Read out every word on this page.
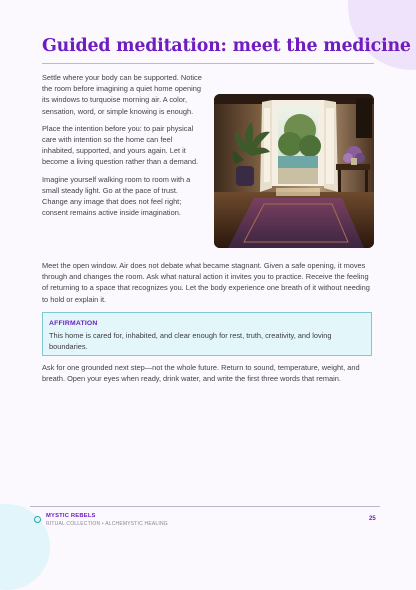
Guided meditation: meet the medicine

Settle where your body can be supported. Notice the room before imagining a quiet home opening its windows to turquoise morning air. A color, sensation, word, or simple knowing is enough.

Place the intention before you: to pair physical care with intention so the home can feel inhabited, supported, and yours again. Let it become a living question rather than a demand.

Imagine yourself walking room to room with a small steady light. Go at the pace of trust. Change any image that does not feel right; consent remains active inside imagination.

Meet the open window. Air does not debate what became stagnant. Given a safe opening, it moves through and changes the room. Ask what natural action it invites you to practice. Receive the feeling of returning to a space that recognizes you. Let the body experience one breath of it without needing to hold or explain it.

AFFIRMATION
This home is cared for, inhabited, and clear enough for rest, truth, creativity, and loving boundaries.

Ask for one grounded next step—not the whole future. Return to sound, temperature, weight, and breath. Open your eyes when ready, drink water, and write the first three words that remain.

MYSTIC REBELS
RITUAL COLLECTION • ALCHEMYSTIC HEALING
25
